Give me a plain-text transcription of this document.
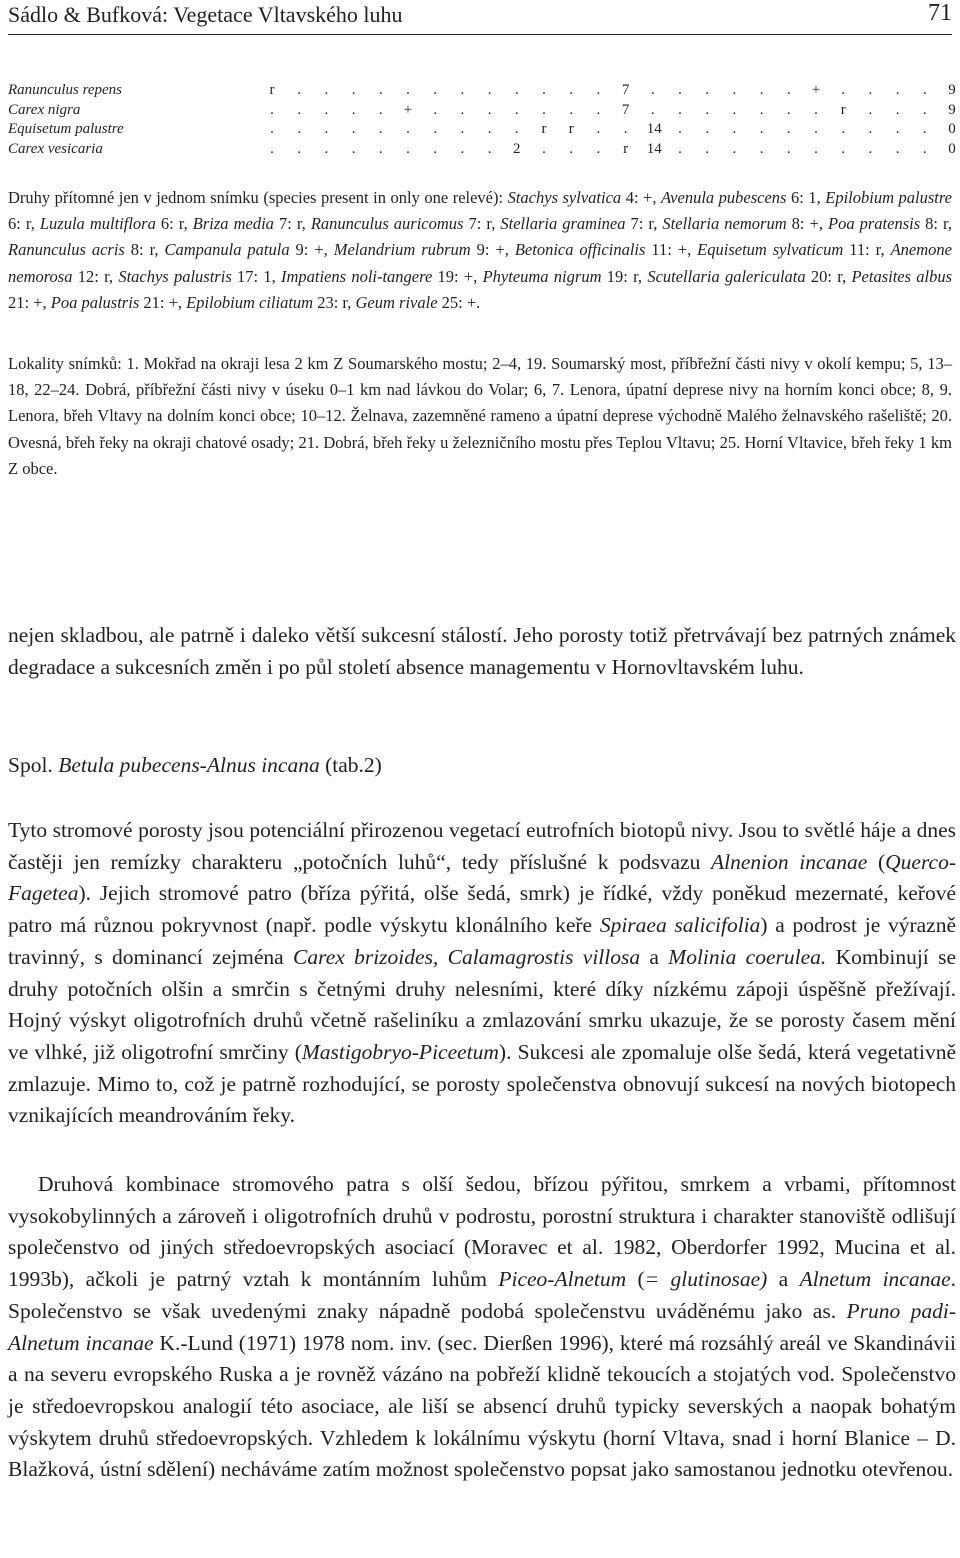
Sádlo & Bufková: Vegetace Vltavského luhu	71
Ranunculus repens	r . . . . . . . . . . . . 7 . . . . . . + . . . . 9
Carex nigra	. . . . . + . . . . . . . 7 . . . . . . . r . . . 9
Equisetum palustre	. . . . . . . . . . r r . . 14 . . . . . . . . . . 0
Carex vesicaria	. . . . . . . . . 2 . . . r 14 . . . . . . . . . . 0

Druhy přítomné jen v jednom snímku (species present in only one relevé): Stachys sylvatica 4: +, Avenula pubescens 6: 1, Epilobium palustre 6: r, Luzula multiflora 6: r, Briza media 7: r, Ranunculus auricomus 7: r, Stellaria graminea 7: r, Stellaria nemorum 8: +, Poa pratensis 8: r, Ranunculus acris 8: r, Campanula patula 9: +, Melandrium rubrum 9: +, Betonica officinalis 11: +, Equisetum sylvaticum 11: r, Anemone nemorosa 12: r, Stachys palustris 17: 1, Impatiens noli-tangere 19: +, Phyteuma nigrum 19: r, Scutellaria galericulata 20: r, Petasites albus 21: +, Poa palustris 21: +, Epilobium ciliatum 23: r, Geum rivale 25: +.

Lokality snímků: 1. Mokřad na okraji lesa 2 km Z Soumarského mostu; 2–4, 19. Soumarský most, příbřežní části nivy v okolí kempu; 5, 13–18, 22–24. Dobrá, příbřežní části nivy v úseku 0–1 km nad lávkou do Volar; 6, 7. Lenora, úpatní deprese nivy na horním konci obce; 8, 9. Lenora, břeh Vltavy na dolním konci obce; 10–12. Želnava, zazemněné rameno a úpatní deprese východně Malého želnavského rašeliště; 20. Ovesná, břeh řeky na okraji chatové osady; 21. Dobrá, břeh řeky u železničního mostu přes Teplou Vltavu; 25. Horní Vltavice, břeh řeky 1 km Z obce.

nejen skladbou, ale patrně i daleko větší sukcesní stálostí. Jeho porosty totiž přetrvávají bez patrných známek degradace a sukcesních změn i po půl století absence managementu v Hornovltavském luhu.

Spol. Betula pubecens-Alnus incana (tab.2)

Tyto stromové porosty jsou potenciální přirozenou vegetací eutrofních biotopů nivy. Jsou to světlé háje a dnes častěji jen remízky charakteru „potočních luhů“, tedy příslušné k podsvazu Alnenion incanae (Querco-Fagetea). Jejich stromové patro (bříza pýřitá, olše šedá, smrk) je řídké, vždy poněkud mezernaté, keřové patro má různou pokryvnost (např. podle výskytu klonálního keře Spiraea salicifolia) a podrost je výrazně travinný, s dominancí zejména Carex brizoides, Calamagrostis villosa a Molinia coerulea. Kombinují se druhy potočních olšin a smrčin s četnými druhy nelesními, které díky nízkému zápoji úspěšně přežívají. Hojný výskyt oligotrofních druhů včetně rašeliníku a zmlazování smrku ukazuje, že se porosty časem mění ve vlhké, již oligotrofní smrčiny (Mastigobryo-Piceetum). Sukcesi ale zpomaluje olše šedá, která vegetativně zmlazuje. Mimo to, což je patrně rozhodující, se porosty společenstva obnovují sukcesí na nových biotopech vznikajících meandrováním řeky.

Druhová kombinace stromového patra s olší šedou, břízou pýřitou, smrkem a vrbami, přítomnost vysokobylinných a zároveň i oligotrofních druhů v podrostu, porostní struktura i charakter stanoviště odlišují společenstvo od jiných středoevropských asociací (Moravec et al. 1982, Oberdorfer 1992, Mucina et al. 1993b), ačkoli je patrný vztah k montánním luhům Piceo-Alnetum (= glutinosae) a Alnetum incanae. Společenstvo se však uvedenými znaky nápadně podobá společenstvu uváděnému jako as. Pruno padi-Alnetum incanae K.-Lund (1971) 1978 nom. inv. (sec. Dierßen 1996), které má rozsáhlý areál ve Skandinávii a na severu evropského Ruska a je rovněž vázáno na pobřeží klidně tekoucích a stojatých vod. Společenstvo je středoevropskou analogií této asociace, ale liší se absencí druhů typicky severských a naopak bohatým výskytem druhů středoevropských. Vzhledem k lokálnímu výskytu (horní Vltava, snad i horní Blanice – D. Blažková, ústní sdělení) necháváme zatím možnost společenstvo popsat jako samostanou jednotku otevřenou.
